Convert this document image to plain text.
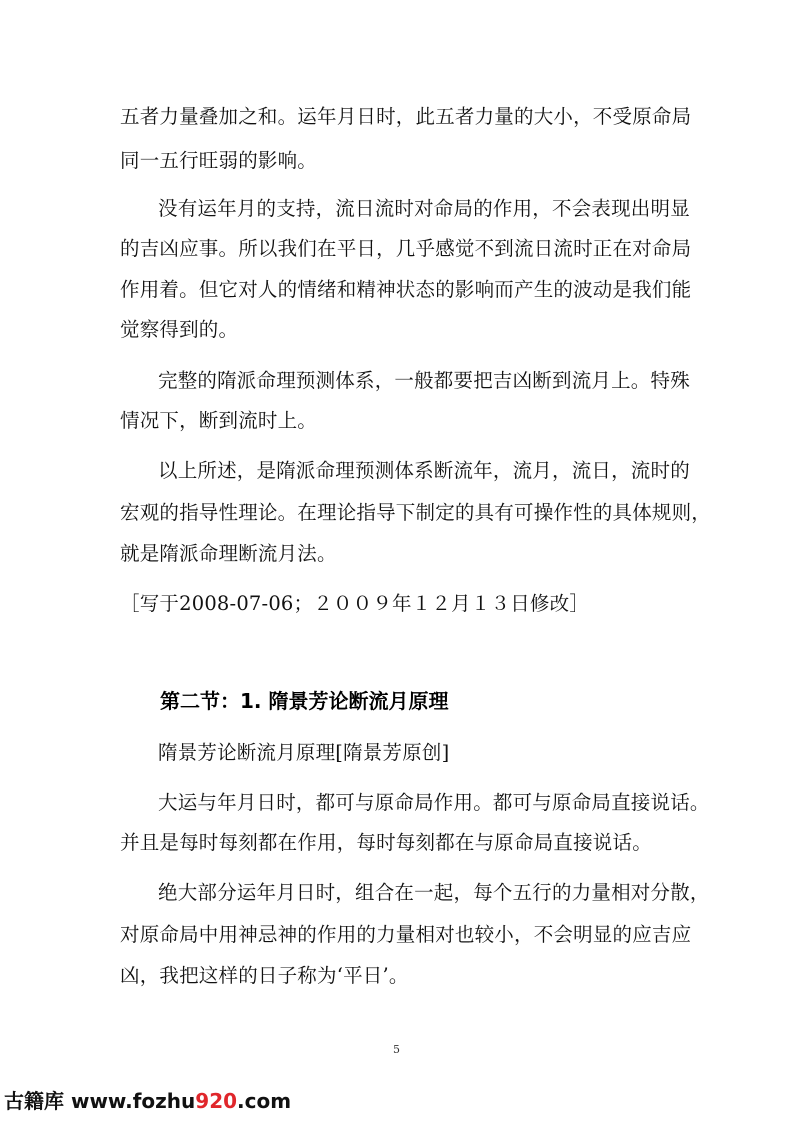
五者力量叠加之和。运年月日时，此五者力量的大小，不受原命局
同一五行旺弱的影响。
没有运年月的支持，流日流时对命局的作用，不会表现出明显
的吉凶应事。所以我们在平日，几乎感觉不到流日流时正在对命局
作用着。但它对人的情绪和精神状态的影响而产生的波动是我们能
觉察得到的。
完整的隋派命理预测体系，一般都要把吉凶断到流月上。特殊
情况下，断到流时上。
以上所述，是隋派命理预测体系断流年，流月，流日，流时的
宏观的指导性理论。在理论指导下制定的具有可操作性的具体规则，
就是隋派命理断流月法。
［写于2008-07-06；２００９年１２月１３日修改］
第二节：1. 隋景芳论断流月原理
隋景芳论断流月原理[隋景芳原创]
大运与年月日时，都可与原命局作用。都可与原命局直接说话。
并且是每时每刻都在作用，每时每刻都在与原命局直接说话。
绝大部分运年月日时，组合在一起，每个五行的力量相对分散，
对原命局中用神忌神的作用的力量相对也较小，不会明显的应吉应
凶，我把这样的日子称为‘平日’。
5
古籍库 www.fozhu920.com
